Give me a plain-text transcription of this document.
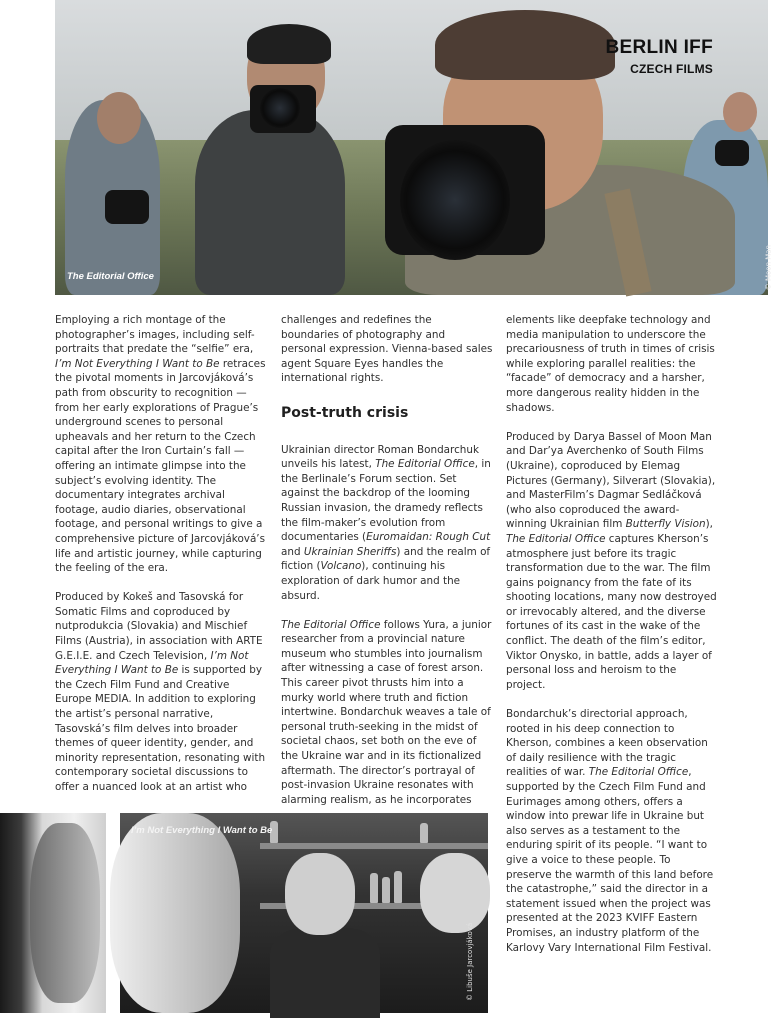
BERLIN IFF
CZECH FILMS
The Editorial Office	© Moon Man

Employing a rich montage of the photographer’s images, including self-portraits that predate the “selfie” era, I’m Not Everything I Want to Be retraces the pivotal moments in Jarcovjáková’s path from obscurity to recognition — from her early explorations of Prague’s underground scenes to personal upheavals and her return to the Czech capital after the Iron Curtain’s fall — offering an intimate glimpse into the subject’s evolving identity. The documentary integrates archival footage, audio diaries, observational footage, and personal writings to give a comprehensive picture of Jarcovjáková’s life and artistic journey, while capturing the feeling of the era.

Produced by Kokeš and Tasovská for Somatic Films and coproduced by nutprodukcia (Slovakia) and Mischief Films (Austria), in association with ARTE G.E.I.E. and Czech Television, I’m Not Everything I Want to Be is supported by the Czech Film Fund and Creative Europe MEDIA. In addition to exploring the artist’s personal narrative, Tasovská’s film delves into broader themes of queer identity, gender, and minority representation, resonating with contemporary societal discussions to offer a nuanced look at an artist who

challenges and redefines the boundaries of photography and personal expression. Vienna-based sales agent Square Eyes handles the international rights.

Post-truth crisis

Ukrainian director Roman Bondarchuk unveils his latest, The Editorial Office, in the Berlinale’s Forum section. Set against the backdrop of the looming Russian invasion, the dramedy reflects the film-maker’s evolution from documentaries (Euromaidan: Rough Cut and Ukrainian Sheriffs) and the realm of fiction (Volcano), continuing his exploration of dark humor and the absurd.

The Editorial Office follows Yura, a junior researcher from a provincial nature museum who stumbles into journalism after witnessing a case of forest arson. This career pivot thrusts him into a murky world where truth and fiction intertwine. Bondarchuk weaves a tale of personal truth-seeking in the midst of societal chaos, set both on the eve of the Ukraine war and in its fictionalized aftermath. The director’s portrayal of post-invasion Ukraine resonates with alarming realism, as he incorporates

elements like deepfake technology and media manipulation to underscore the precariousness of truth in times of crisis while exploring parallel realities: the “facade” of democracy and a harsher, more dangerous reality hidden in the shadows.

Produced by Darya Bassel of Moon Man and Dar’ya Averchenko of South Films (Ukraine), coproduced by Elemag Pictures (Germany), Silverart (Slovakia), and MasterFilm’s Dagmar Sedláčková (who also coproduced the award-winning Ukrainian film Butterfly Vision), The Editorial Office captures Kherson’s atmosphere just before its tragic transformation due to the war. The film gains poignancy from the fate of its shooting locations, many now destroyed or irrevocably altered, and the diverse fortunes of its cast in the wake of the conflict. The death of the film’s editor, Viktor Onysko, in battle, adds a layer of personal loss and heroism to the project.

Bondarchuk’s directorial approach, rooted in his deep connection to Kherson, combines a keen observation of daily resilience with the tragic realities of war. The Editorial Office, supported by the Czech Film Fund and Eurimages among others, offers a window into prewar life in Ukraine but also serves as a testament to the enduring spirit of its people. “I want to give a voice to these people. To preserve the warmth of this land before the catastrophe,” said the director in a statement issued when the project was presented at the 2023 KVIFF Eastern Promises, an industry platform of the Karlovy Vary International Film Festival.

I’m Not Everything I Want to Be
© Libuše Jarcovjáková
